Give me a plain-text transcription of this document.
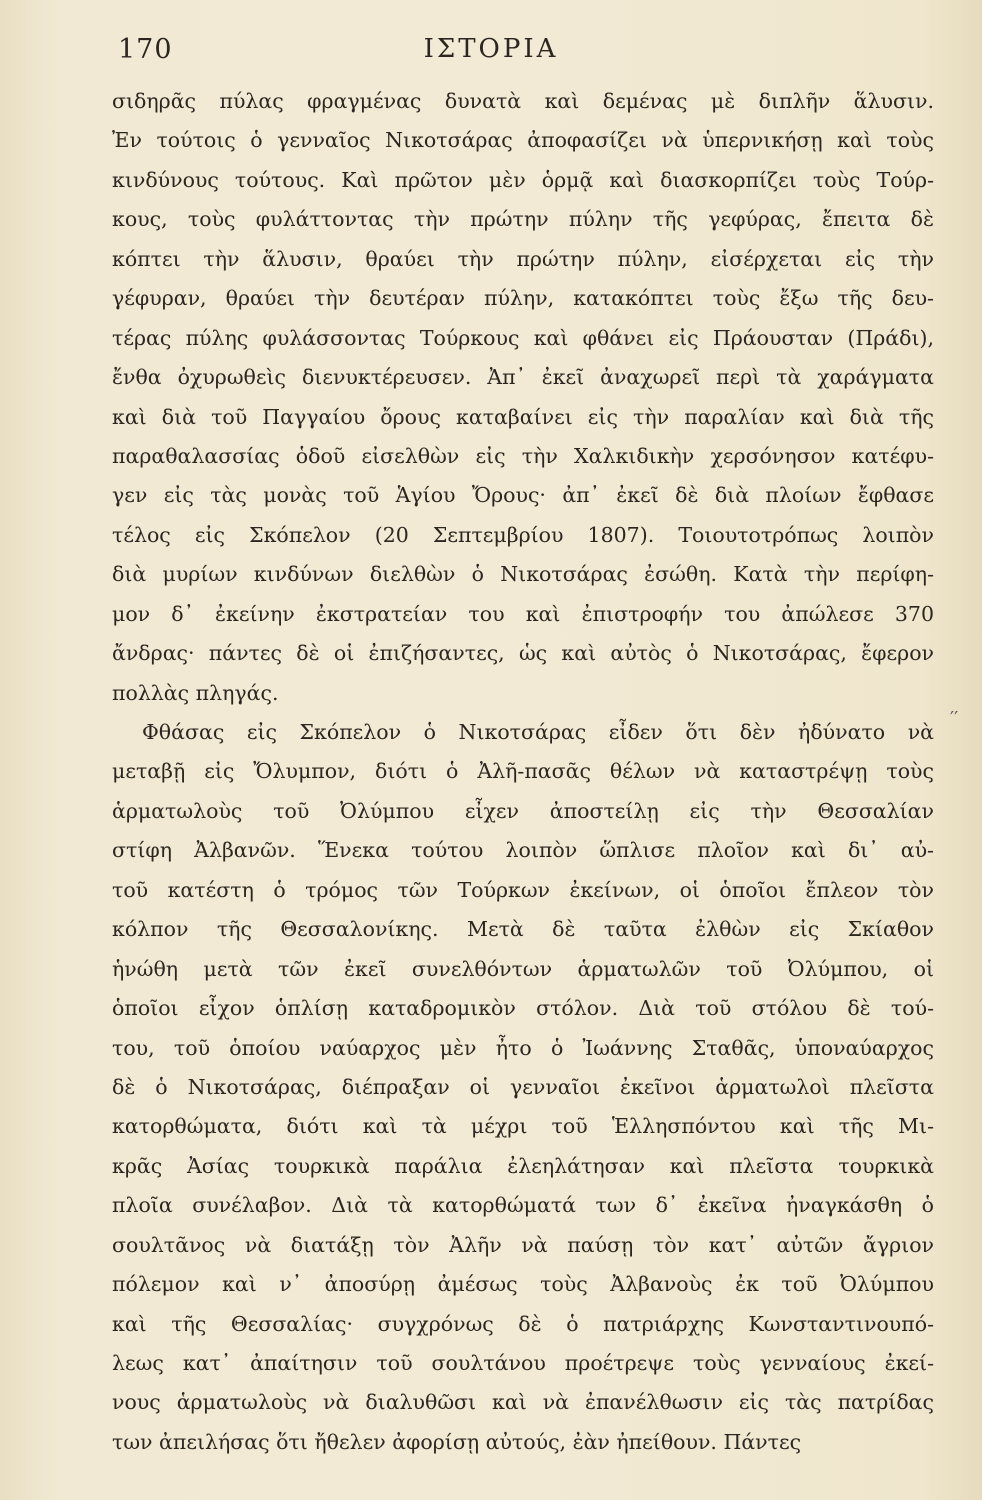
170	ΙΣΤΟΡΙΑ
σιδηρᾶς πύλας φραγμένας δυνατὰ καὶ δεμένας μὲ διπλῆν ἅλυσιν.
Ἐν τούτοις ὁ γενναῖος Νικοτσάρας ἀποφασίζει νὰ ὑπερνικήσῃ καὶ τοὺς
κινδύνους τούτους. Καὶ πρῶτον μὲν ὁρμᾷ καὶ διασκορπίζει τοὺς Τούρ-
κους, τοὺς φυλάττοντας τὴν πρώτην πύλην τῆς γεφύρας, ἔπειτα δὲ
κόπτει τὴν ἅλυσιν, θραύει τὴν πρώτην πύλην, εἰσέρχεται εἰς τὴν
γέφυραν, θραύει τὴν δευτέραν πύλην, κατακόπτει τοὺς ἔξω τῆς δευ-
τέρας πύλης φυλάσσοντας Τούρκους καὶ φθάνει εἰς Πράουσταν (Πράδι),
ἔνθα ὀχυρωθεὶς διενυκτέρευσεν. Ἀπ᾽ ἐκεῖ ἀναχωρεῖ περὶ τὰ χαράγματα
καὶ διὰ τοῦ Παγγαίου ὄρους καταβαίνει εἰς τὴν παραλίαν καὶ διὰ τῆς
παραθαλασσίας ὁδοῦ εἰσελθὼν εἰς τὴν Χαλκιδικὴν χερσόνησον κατέφυ-
γεν εἰς τὰς μονὰς τοῦ Ἁγίου Ὄρους· ἀπ᾽ ἐκεῖ δὲ διὰ πλοίων ἔφθασε
τέλος εἰς Σκόπελον (20 Σεπτεμβρίου 1807). Τοιουτοτρόπως λοιπὸν
διὰ μυρίων κινδύνων διελθὼν ὁ Νικοτσάρας ἐσώθη. Κατὰ τὴν περίφη-
μον δ᾽ ἐκείνην ἐκστρατείαν του καὶ ἐπιστροφήν του ἀπώλεσε 370
ἄνδρας· πάντες δὲ οἱ ἐπιζήσαντες, ὡς καὶ αὐτὸς ὁ Νικοτσάρας, ἔφερον
πολλὰς πληγάς.
Φθάσας εἰς Σκόπελον ὁ Νικοτσάρας εἶδεν ὅτι δὲν ἠδύνατο νὰ
μεταβῇ εἰς Ὄλυμπον, διότι ὁ Ἀλῆ-πασᾶς θέλων νὰ καταστρέψῃ τοὺς
ἁρματωλοὺς τοῦ Ὀλύμπου εἶχεν ἀποστείλῃ εἰς τὴν Θεσσαλίαν
στίφη Ἀλβανῶν. Ἕνεκα τούτου λοιπὸν ὥπλισε πλοῖον καὶ δι᾽ αὐ-
τοῦ κατέστη ὁ τρόμος τῶν Τούρκων ἐκείνων, οἱ ὁποῖοι ἔπλεον τὸν
κόλπον τῆς Θεσσαλονίκης. Μετὰ δὲ ταῦτα ἐλθὼν εἰς Σκίαθον
ἡνώθη μετὰ τῶν ἐκεῖ συνελθόντων ἁρματωλῶν τοῦ Ὀλύμπου, οἱ
ὁποῖοι εἶχον ὁπλίσῃ καταδρομικὸν στόλον. Διὰ τοῦ στόλου δὲ τού-
του, τοῦ ὁποίου ναύαρχος μὲν ἦτο ὁ Ἰωάννης Σταθᾶς, ὑποναύαρχος
δὲ ὁ Νικοτσάρας, διέπραξαν οἱ γενναῖοι ἐκεῖνοι ἁρματωλοὶ πλεῖστα
κατορθώματα, διότι καὶ τὰ μέχρι τοῦ Ἑλλησπόντου καὶ τῆς Μι-
κρᾶς Ἀσίας τουρκικὰ παράλια ἐλεηλάτησαν καὶ πλεῖστα τουρκικὰ
πλοῖα συνέλαβον. Διὰ τὰ κατορθώματά των δ᾽ ἐκεῖνα ἠναγκάσθη ὁ
σουλτᾶνος νὰ διατάξῃ τὸν Ἀλῆν νὰ παύσῃ τὸν κατ᾽ αὐτῶν ἄγριον
πόλεμον καὶ ν᾽ ἀποσύρῃ ἀμέσως τοὺς Ἀλβανοὺς ἐκ τοῦ Ὀλύμπου
καὶ τῆς Θεσσαλίας· συγχρόνως δὲ ὁ πατριάρχης Κωνσταντινουπό-
λεως κατ᾽ ἀπαίτησιν τοῦ σουλτάνου προέτρεψε τοὺς γενναίους ἐκεί-
νους ἁρματωλοὺς νὰ διαλυθῶσι καὶ νὰ ἐπανέλθωσιν εἰς τὰς πατρίδας
των ἀπειλήσας ὅτι ἤθελεν ἀφορίσῃ αὐτούς, ἐὰν ἠπείθουν. Πάντες
′′
